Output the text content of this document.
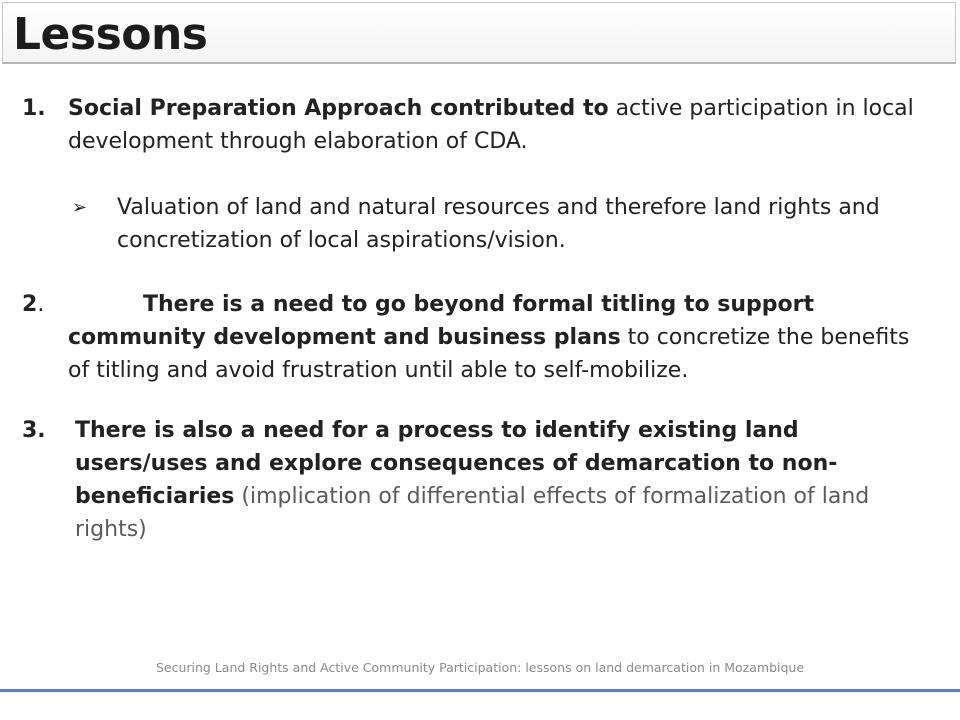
Lessons
1. Social Preparation Approach contributed to active participation in local development through elaboration of CDA.
➢ Valuation of land and natural resources and therefore land rights and concretization of local aspirations/vision.
2.	There is a need to go beyond formal titling to support community development and business plans to concretize the benefits of titling and avoid frustration until able to self-mobilize.
3. There is also a need for a process to identify existing land users/uses and explore consequences of demarcation to non-beneficiaries (implication of differential effects of formalization of land rights)
Securing Land Rights and Active Community Participation: lessons on land demarcation in Mozambique
